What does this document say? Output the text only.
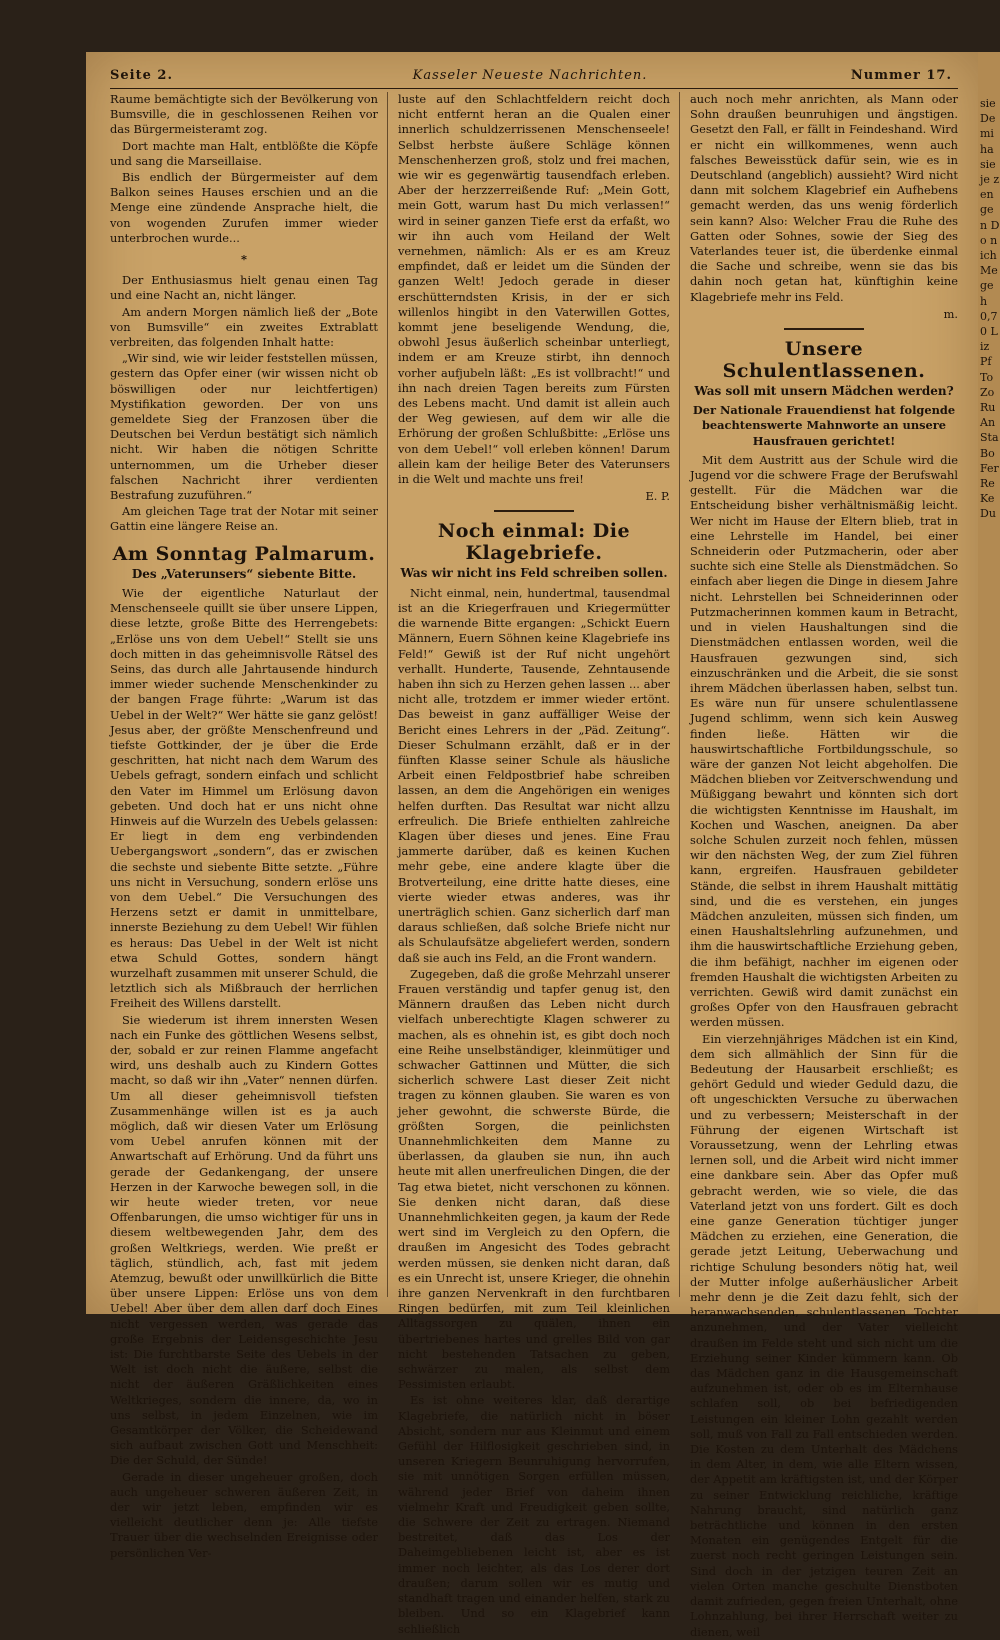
Seite 2.	Kasseler Neueste Nachrichten.	Nummer 17.

Raume bemächtigte sich der Bevölkerung von Bumsville, die in geschlossenen Reihen vor das Bürgermeisteramt zog.

Dort machte man Halt, entblößte die Köpfe und sang die Marseillaise.

Bis endlich der Bürgermeister auf dem Balkon seines Hauses erschien und an die Menge eine zündende Ansprache hielt, die von wogenden Zurufen immer wieder unterbrochen wurde...

*

Der Enthusiasmus hielt genau einen Tag und eine Nacht an, nicht länger.

Am andern Morgen nämlich ließ der „Bote von Bumsville“ ein zweites Extrablatt verbreiten, das folgenden Inhalt hatte:

„Wir sind, wie wir leider feststellen müssen, gestern das Opfer einer (wir wissen nicht ob böswilligen oder nur leichtfertigen) Mystifikation geworden. Der von uns gemeldete Sieg der Franzosen über die Deutschen bei Verdun bestätigt sich nämlich nicht. Wir haben die nötigen Schritte unternommen, um die Urheber dieser falschen Nachricht ihrer verdienten Bestrafung zuzuführen.“

Am gleichen Tage trat der Notar mit seiner Gattin eine längere Reise an.

Am Sonntag Palmarum.
Des „Vaterunsers“ siebente Bitte.

Wie der eigentliche Naturlaut der Menschenseele quillt sie über unsere Lippen, diese letzte, große Bitte des Herrengebets: „Erlöse uns von dem Uebel!“ Stellt sie uns doch mitten in das geheimnisvolle Rätsel des Seins, das durch alle Jahrtausende hindurch immer wieder suchende Menschenkinder zu der bangen Frage führte: „Warum ist das Uebel in der Welt?“ Wer hätte sie ganz gelöst! Jesus aber, der größte Menschenfreund und tiefste Gottkinder, der je über die Erde geschritten, hat nicht nach dem Warum des Uebels gefragt, sondern einfach und schlicht den Vater im Himmel um Erlösung davon gebeten. Und doch hat er uns nicht ohne Hinweis auf die Wurzeln des Uebels gelassen: Er liegt in dem eng verbindenden Uebergangswort „sondern“, das er zwischen die sechste und siebente Bitte setzte. „Führe uns nicht in Versuchung, sondern erlöse uns von dem Uebel.“ Die Versuchungen des Herzens setzt er damit in unmittelbare, innerste Beziehung zu dem Uebel! Wir fühlen es heraus: Das Uebel in der Welt ist nicht etwa Schuld Gottes, sondern hängt wurzelhaft zusammen mit unserer Schuld, die letztlich sich als Mißbrauch der herrlichen Freiheit des Willens darstellt.

Sie wiederum ist ihrem innersten Wesen nach ein Funke des göttlichen Wesens selbst, der, sobald er zur reinen Flamme angefacht wird, uns deshalb auch zu Kindern Gottes macht, so daß wir ihn „Vater“ nennen dürfen. Um all dieser geheimnisvoll tiefsten Zusammenhänge willen ist es ja auch möglich, daß wir diesen Vater um Erlösung vom Uebel anrufen können mit der Anwartschaft auf Erhörung. Und da führt uns gerade der Gedankengang, der unsere Herzen in der Karwoche bewegen soll, in die wir heute wieder treten, vor neue Offenbarungen, die umso wichtiger für uns in diesem weltbewegenden Jahr, dem des großen Weltkriegs, werden. Wie preßt er täglich, stündlich, ach, fast mit jedem Atemzug, bewußt oder unwillkürlich die Bitte über unsere Lippen: Erlöse uns von dem Uebel! Aber über dem allen darf doch Eines nicht vergessen werden, was gerade das große Ergebnis der Leidensgeschichte Jesu ist: Die furchtbarste Seite des Uebels in der Welt ist doch nicht die äußere, selbst die nicht der äußeren Gräßlichkeiten eines Weltkrieges, sondern die innere, da, wo in uns selbst, in jedem Einzelnen, wie im Gesamtkörper der Völker, die Scheidewand sich aufbaut zwischen Gott und Menschheit: Die der Schuld, der Sünde!

Gerade in dieser ungeheuer großen, doch auch ungeheuer schweren äußeren Zeit, in der wir jetzt leben, empfinden wir es vielleicht deutlicher denn je: Alle tiefste Trauer über die wechselnden Ereignisse oder persönlichen Ver-

luste auf den Schlachtfeldern reicht doch nicht entfernt heran an die Qualen einer innerlich schuldzerrissenen Menschenseele! Selbst herbste äußere Schläge können Menschenherzen groß, stolz und frei machen, wie wir es gegenwärtig tausendfach erleben. Aber der herzzerreißende Ruf: „Mein Gott, mein Gott, warum hast Du mich verlassen!“ wird in seiner ganzen Tiefe erst da erfaßt, wo wir ihn auch vom Heiland der Welt vernehmen, nämlich: Als er es am Kreuz empfindet, daß er leidet um die Sünden der ganzen Welt! Jedoch gerade in dieser erschütterndsten Krisis, in der er sich willenlos hingibt in den Vaterwillen Gottes, kommt jene beseligende Wendung, die, obwohl Jesus äußerlich scheinbar unterliegt, indem er am Kreuze stirbt, ihn dennoch vorher aufjubeln läßt: „Es ist vollbracht!“ und ihn nach dreien Tagen bereits zum Fürsten des Lebens macht. Und damit ist allein auch der Weg gewiesen, auf dem wir alle die Erhörung der großen Schlußbitte: „Erlöse uns von dem Uebel!“ voll erleben können! Darum allein kam der heilige Beter des Vaterunsers in die Welt und machte uns frei!

E. P.
Noch einmal: Die Klagebriefe.
Was wir nicht ins Feld schreiben sollen.

Nicht einmal, nein, hundertmal, tausendmal ist an die Kriegerfrauen und Kriegermütter die warnende Bitte ergangen: „Schickt Euern Männern, Euern Söhnen keine Klagebriefe ins Feld!“ Gewiß ist der Ruf nicht ungehört verhallt. Hunderte, Tausende, Zehntausende haben ihn sich zu Herzen gehen lassen ... aber nicht alle, trotzdem er immer wieder ertönt. Das beweist in ganz auffälliger Weise der Bericht eines Lehrers in der „Päd. Zeitung“. Dieser Schulmann erzählt, daß er in der fünften Klasse seiner Schule als häusliche Arbeit einen Feldpostbrief habe schreiben lassen, an dem die Angehörigen ein weniges helfen durften. Das Resultat war nicht allzu erfreulich. Die Briefe enthielten zahlreiche Klagen über dieses und jenes. Eine Frau jammerte darüber, daß es keinen Kuchen mehr gebe, eine andere klagte über die Brotverteilung, eine dritte hatte dieses, eine vierte wieder etwas anderes, was ihr unerträglich schien. Ganz sicherlich darf man daraus schließen, daß solche Briefe nicht nur als Schulaufsätze abgeliefert werden, sondern daß sie auch ins Feld, an die Front wandern.

Zugegeben, daß die große Mehrzahl unserer Frauen verständig und tapfer genug ist, den Männern draußen das Leben nicht durch vielfach unberechtigte Klagen schwerer zu machen, als es ohnehin ist, es gibt doch noch eine Reihe unselbständiger, kleinmütiger und schwacher Gattinnen und Mütter, die sich sicherlich schwere Last dieser Zeit nicht tragen zu können glauben. Sie waren es von jeher gewohnt, die schwerste Bürde, die größten Sorgen, die peinlichsten Unannehmlichkeiten dem Manne zu überlassen, da glauben sie nun, ihn auch heute mit allen unerfreulichen Dingen, die der Tag etwa bietet, nicht verschonen zu können. Sie denken nicht daran, daß diese Unannehmlichkeiten gegen, ja kaum der Rede wert sind im Vergleich zu den Opfern, die draußen im Angesicht des Todes gebracht werden müssen, sie denken nicht daran, daß es ein Unrecht ist, unsere Krieger, die ohnehin ihre ganzen Nervenkraft in den furchtbaren Ringen bedürfen, mit zum Teil kleinlichen Alltagssorgen zu quälen, ihnen ein übertriebenes hartes und grelles Bild von gar nicht bestehenden Tatsachen zu geben, schwärzer zu malen, als selbst dem Pessimisten erlaubt.

Es ist ohne weiteres klar, daß derartige Klagebriefe, die natürlich nicht in böser Absicht, sondern nur aus Kleinmut und einem Gefühl der Hilflosigkeit geschrieben sind, in unseren Kriegern Beunruhigung hervorrufen, sie mit unnötigen Sorgen erfüllen müssen, während jeder Brief von daheim ihnen vielmehr Kraft und Freudigkeit geben sollte, die Schwere der Zeit zu ertragen. Niemand bestreitet, daß das Los der Daheimgebliebenen leicht ist, aber es ist immer noch leichter, als das Los derer dort draußen; darum sollen wir es mutig und standhaft tragen und einander helfen, stark zu bleiben. Und so ein Klagebrief kann schließlich

auch noch mehr anrichten, als Mann oder Sohn draußen beunruhigen und ängstigen. Gesetzt den Fall, er fällt in Feindeshand. Wird er nicht ein willkommenes, wenn auch falsches Beweisstück dafür sein, wie es in Deutschland (angeblich) aussieht? Wird nicht dann mit solchem Klagebrief ein Aufhebens gemacht werden, das uns wenig förderlich sein kann? Also: Welcher Frau die Ruhe des Gatten oder Sohnes, sowie der Sieg des Vaterlandes teuer ist, die überdenke einmal die Sache und schreibe, wenn sie das bis dahin noch getan hat, künftighin keine Klagebriefe mehr ins Feld.

m.
Unsere Schulentlassenen.
Was soll mit unsern Mädchen werden?
Der Nationale Frauendienst hat folgende beachtenswerte Mahnworte an unsere Hausfrauen gerichtet!

Mit dem Austritt aus der Schule wird die Jugend vor die schwere Frage der Berufswahl gestellt. Für die Mädchen war die Entscheidung bisher verhältnismäßig leicht. Wer nicht im Hause der Eltern blieb, trat in eine Lehrstelle im Handel, bei einer Schneiderin oder Putzmacherin, oder aber suchte sich eine Stelle als Dienstmädchen. So einfach aber liegen die Dinge in diesem Jahre nicht. Lehrstellen bei Schneiderinnen oder Putzmacherinnen kommen kaum in Betracht, und in vielen Haushaltungen sind die Dienstmädchen entlassen worden, weil die Hausfrauen gezwungen sind, sich einzuschränken und die Arbeit, die sie sonst ihrem Mädchen überlassen haben, selbst tun. Es wäre nun für unsere schulentlassene Jugend schlimm, wenn sich kein Ausweg finden ließe. Hätten wir die hauswirtschaftliche Fortbildungsschule, so wäre der ganzen Not leicht abgeholfen. Die Mädchen blieben vor Zeitverschwendung und Müßiggang bewahrt und könnten sich dort die wichtigsten Kenntnisse im Haushalt, im Kochen und Waschen, aneignen. Da aber solche Schulen zurzeit noch fehlen, müssen wir den nächsten Weg, der zum Ziel führen kann, ergreifen. Hausfrauen gebildeter Stände, die selbst in ihrem Haushalt mittätig sind, und die es verstehen, ein junges Mädchen anzuleiten, müssen sich finden, um einen Haushaltslehrling aufzunehmen, und ihm die hauswirtschaftliche Erziehung geben, die ihm befähigt, nachher im eigenen oder fremden Haushalt die wichtigsten Arbeiten zu verrichten. Gewiß wird damit zunächst ein großes Opfer von den Hausfrauen gebracht werden müssen.

Ein vierzehnjähriges Mädchen ist ein Kind, dem sich allmählich der Sinn für die Bedeutung der Hausarbeit erschließt; es gehört Geduld und wieder Geduld dazu, die oft ungeschickten Versuche zu überwachen und zu verbessern; Meisterschaft in der Führung der eigenen Wirtschaft ist Voraussetzung, wenn der Lehrling etwas lernen soll, und die Arbeit wird nicht immer eine dankbare sein. Aber das Opfer muß gebracht werden, wie so viele, die das Vaterland jetzt von uns fordert. Gilt es doch eine ganze Generation tüchtiger junger Mädchen zu erziehen, eine Generation, die gerade jetzt Leitung, Ueberwachung und richtige Schulung besonders nötig hat, weil der Mutter infolge außerhäuslicher Arbeit mehr denn je die Zeit dazu fehlt, sich der heranwachsenden, schulentlassenen Tochter anzunehmen, und der Vater vielleicht draußen im Felde steht und sich nicht um die Erziehung seiner Kinder kümmern kann. Ob das Mädchen ganz in die Hausgemeinschaft aufzunehmen ist, oder ob es im Elternhause schlafen soll, ob bei befriedigenden Leistungen ein kleiner Lohn gezahlt werden soll, muß von Fall zu Fall entschieden werden. Die Kosten zu dem Unterhalt des Mädchens in dem Alter, in dem, wie alle Eltern wissen, der Appetit am kräftigsten ist, und der Körper zu seiner Entwicklung reichliche, kräftige Nahrung braucht, sind natürlich ganz beträchtliche und können in den ersten Monaten ein genügendes Entgelt für die zuerst noch recht geringen Leistungen sein. Sind doch in der jetzigen teuren Zeit an vielen Orten manche geschulte Dienstboten damit zufrieden, gegen freien Unterhalt, ohne Lohnzahlung, bei ihrer Herrschaft weiter zu dienen, weil

sie De mi ha sie je zen gen Do nich Me geh 0,70 Liz Pf To Zo Ru An Sta Bo Fer Re Ke Du
